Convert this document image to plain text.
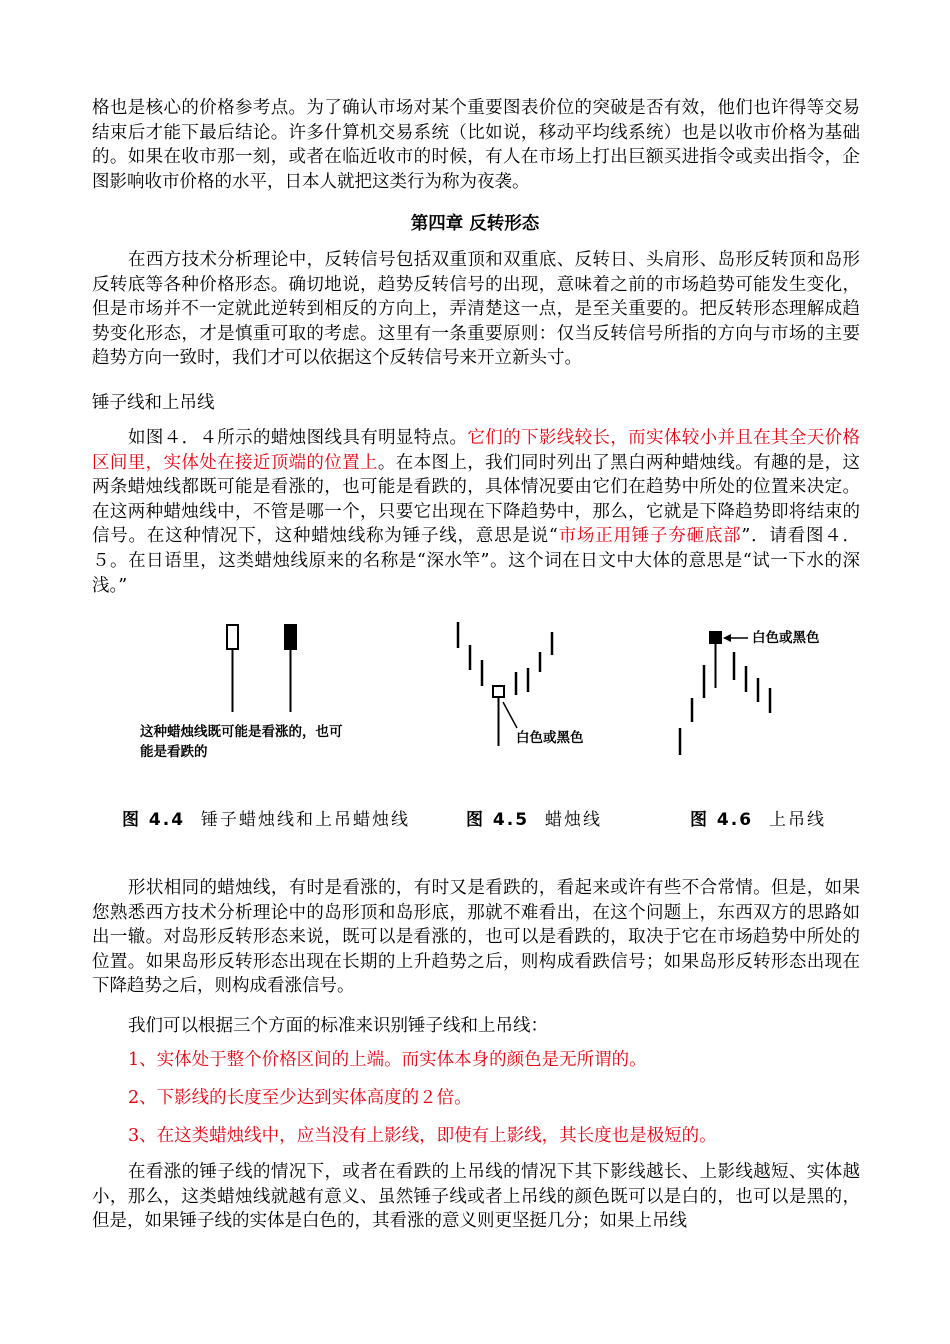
格也是核心的价格参考点。为了确认市场对某个重要图表价位的突破是否有效，他们也许得等交易结束后才能下最后结论。许多什算机交易系统（比如说，移动平均线系统）也是以收市价格为基础的。如果在收市那一刻，或者在临近收市的时候，有人在市场上打出巨额买进指令或卖出指令，企图影响收市价格的水平，日本人就把这类行为称为夜袭。

第四章 反转形态

在西方技术分析理论中，反转信号包括双重顶和双重底、反转日、头肩形、岛形反转顶和岛形反转底等各种价格形态。确切地说，趋势反转信号的出现，意味着之前的市场趋势可能发生变化，但是市场并不一定就此逆转到相反的方向上，弄清楚这一点，是至关重要的。把反转形态理解成趋势变化形态，才是慎重可取的考虑。这里有一条重要原则：仅当反转信号所指的方向与市场的主要趋势方向一致时，我们才可以依据这个反转信号来开立新头寸。

锤子线和上吊线

如图４．４所示的蜡烛图线具有明显特点。它们的下影线较长，而实体较小并且在其全天价格区间里，实体处在接近顶端的位置上。在本图上，我们同时列出了黑白两种蜡烛线。有趣的是，这两条蜡烛线都既可能是看涨的，也可能是看跌的，具体情况要由它们在趋势中所处的位置来决定。在这两种蜡烛线中，不管是哪一个，只要它出现在下降趋势中，那么，它就是下降趋势即将结束的信号。在这种情况下，这种蜡烛线称为锤子线，意思是说“市场正用锤子夯砸底部”．请看图４．５。在日语里，这类蜡烛线原来的名称是“深水竿”。这个词在日文中大体的意思是“试一下水的深浅。”

这种蜡烛线既可能是看涨的，也可
能是看跌的

白色或黑色

白色或黑色

图 4.4 锤子蜡烛线和上吊蜡烛线	图 4.5 蜡烛线	图 4.6 上吊线

形状相同的蜡烛线，有时是看涨的，有时又是看跌的，看起来或许有些不合常情。但是，如果您熟悉西方技术分析理论中的岛形顶和岛形底，那就不难看出，在这个问题上，东西双方的思路如出一辙。对岛形反转形态来说，既可以是看涨的，也可以是看跌的，取决于它在市场趋势中所处的位置。如果岛形反转形态出现在长期的上升趋势之后，则构成看跌信号；如果岛形反转形态出现在下降趋势之后，则构成看涨信号。

我们可以根据三个方面的标准来识别锤子线和上吊线：

1、实体处于整个价格区间的上端。而实体本身的颜色是无所谓的。

2、下影线的长度至少达到实体高度的２倍。

3、在这类蜡烛线中，应当没有上影线，即使有上影线，其长度也是极短的。

在看涨的锤子线的情况下，或者在看跌的上吊线的情况下其下影线越长、上影线越短、实体越小，那么，这类蜡烛线就越有意义、虽然锤子线或者上吊线的颜色既可以是白的，也可以是黑的，但是，如果锤子线的实体是白色的，其看涨的意义则更坚挺几分；如果上吊线
